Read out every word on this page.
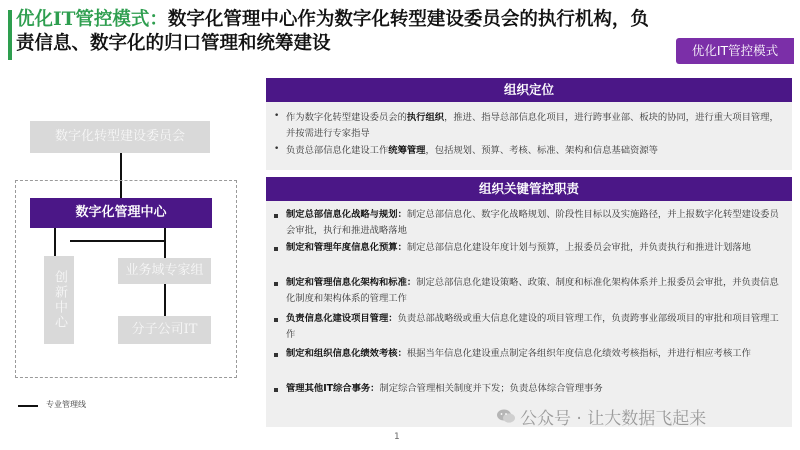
优化IT管控模式：数字化管理中心作为数字化转型建设委员会的执行机构，负责信息、数字化的归口管理和统筹建设	优化IT管控模式
数字化转型建设委员会
数字化管理中心
创新中心	业务域专家组
分子公司IT
专业管理线
组织定位
• 作为数字化转型建设委员会的执行组织，推进、指导总部信息化项目，进行跨事业部、板块的协同，进行重大项目管理，并按需进行专家指导
• 负责总部信息化建设工作统筹管理，包括规划、预算、考核、标准、架构和信息基础资源等
组织关键管控职责
制定总部信息化战略与规划：制定总部信息化、数字化战略规划、阶段性目标以及实施路径，并上报数字化转型建设委员会审批，执行和推进战略落地
制定和管理年度信息化预算：制定总部信息化建设年度计划与预算，上报委员会审批，并负责执行和推进计划落地
制定和管理信息化架构和标准：制定总部信息化建设策略、政策、制度和标准化架构体系并上报委员会审批，并负责信息化制度和架构体系的管理工作
负责信息化建设项目管理：负责总部战略级或重大信息化建设的项目管理工作，负责跨事业部级项目的审批和项目管理工作
制定和组织信息化绩效考核：根据当年信息化建设重点制定各组织年度信息化绩效考核指标，并进行相应考核工作
管理其他IT综合事务：制定综合管理相关制度并下发；负责总体综合管理事务
1
公众号 · 让大数据飞起来
